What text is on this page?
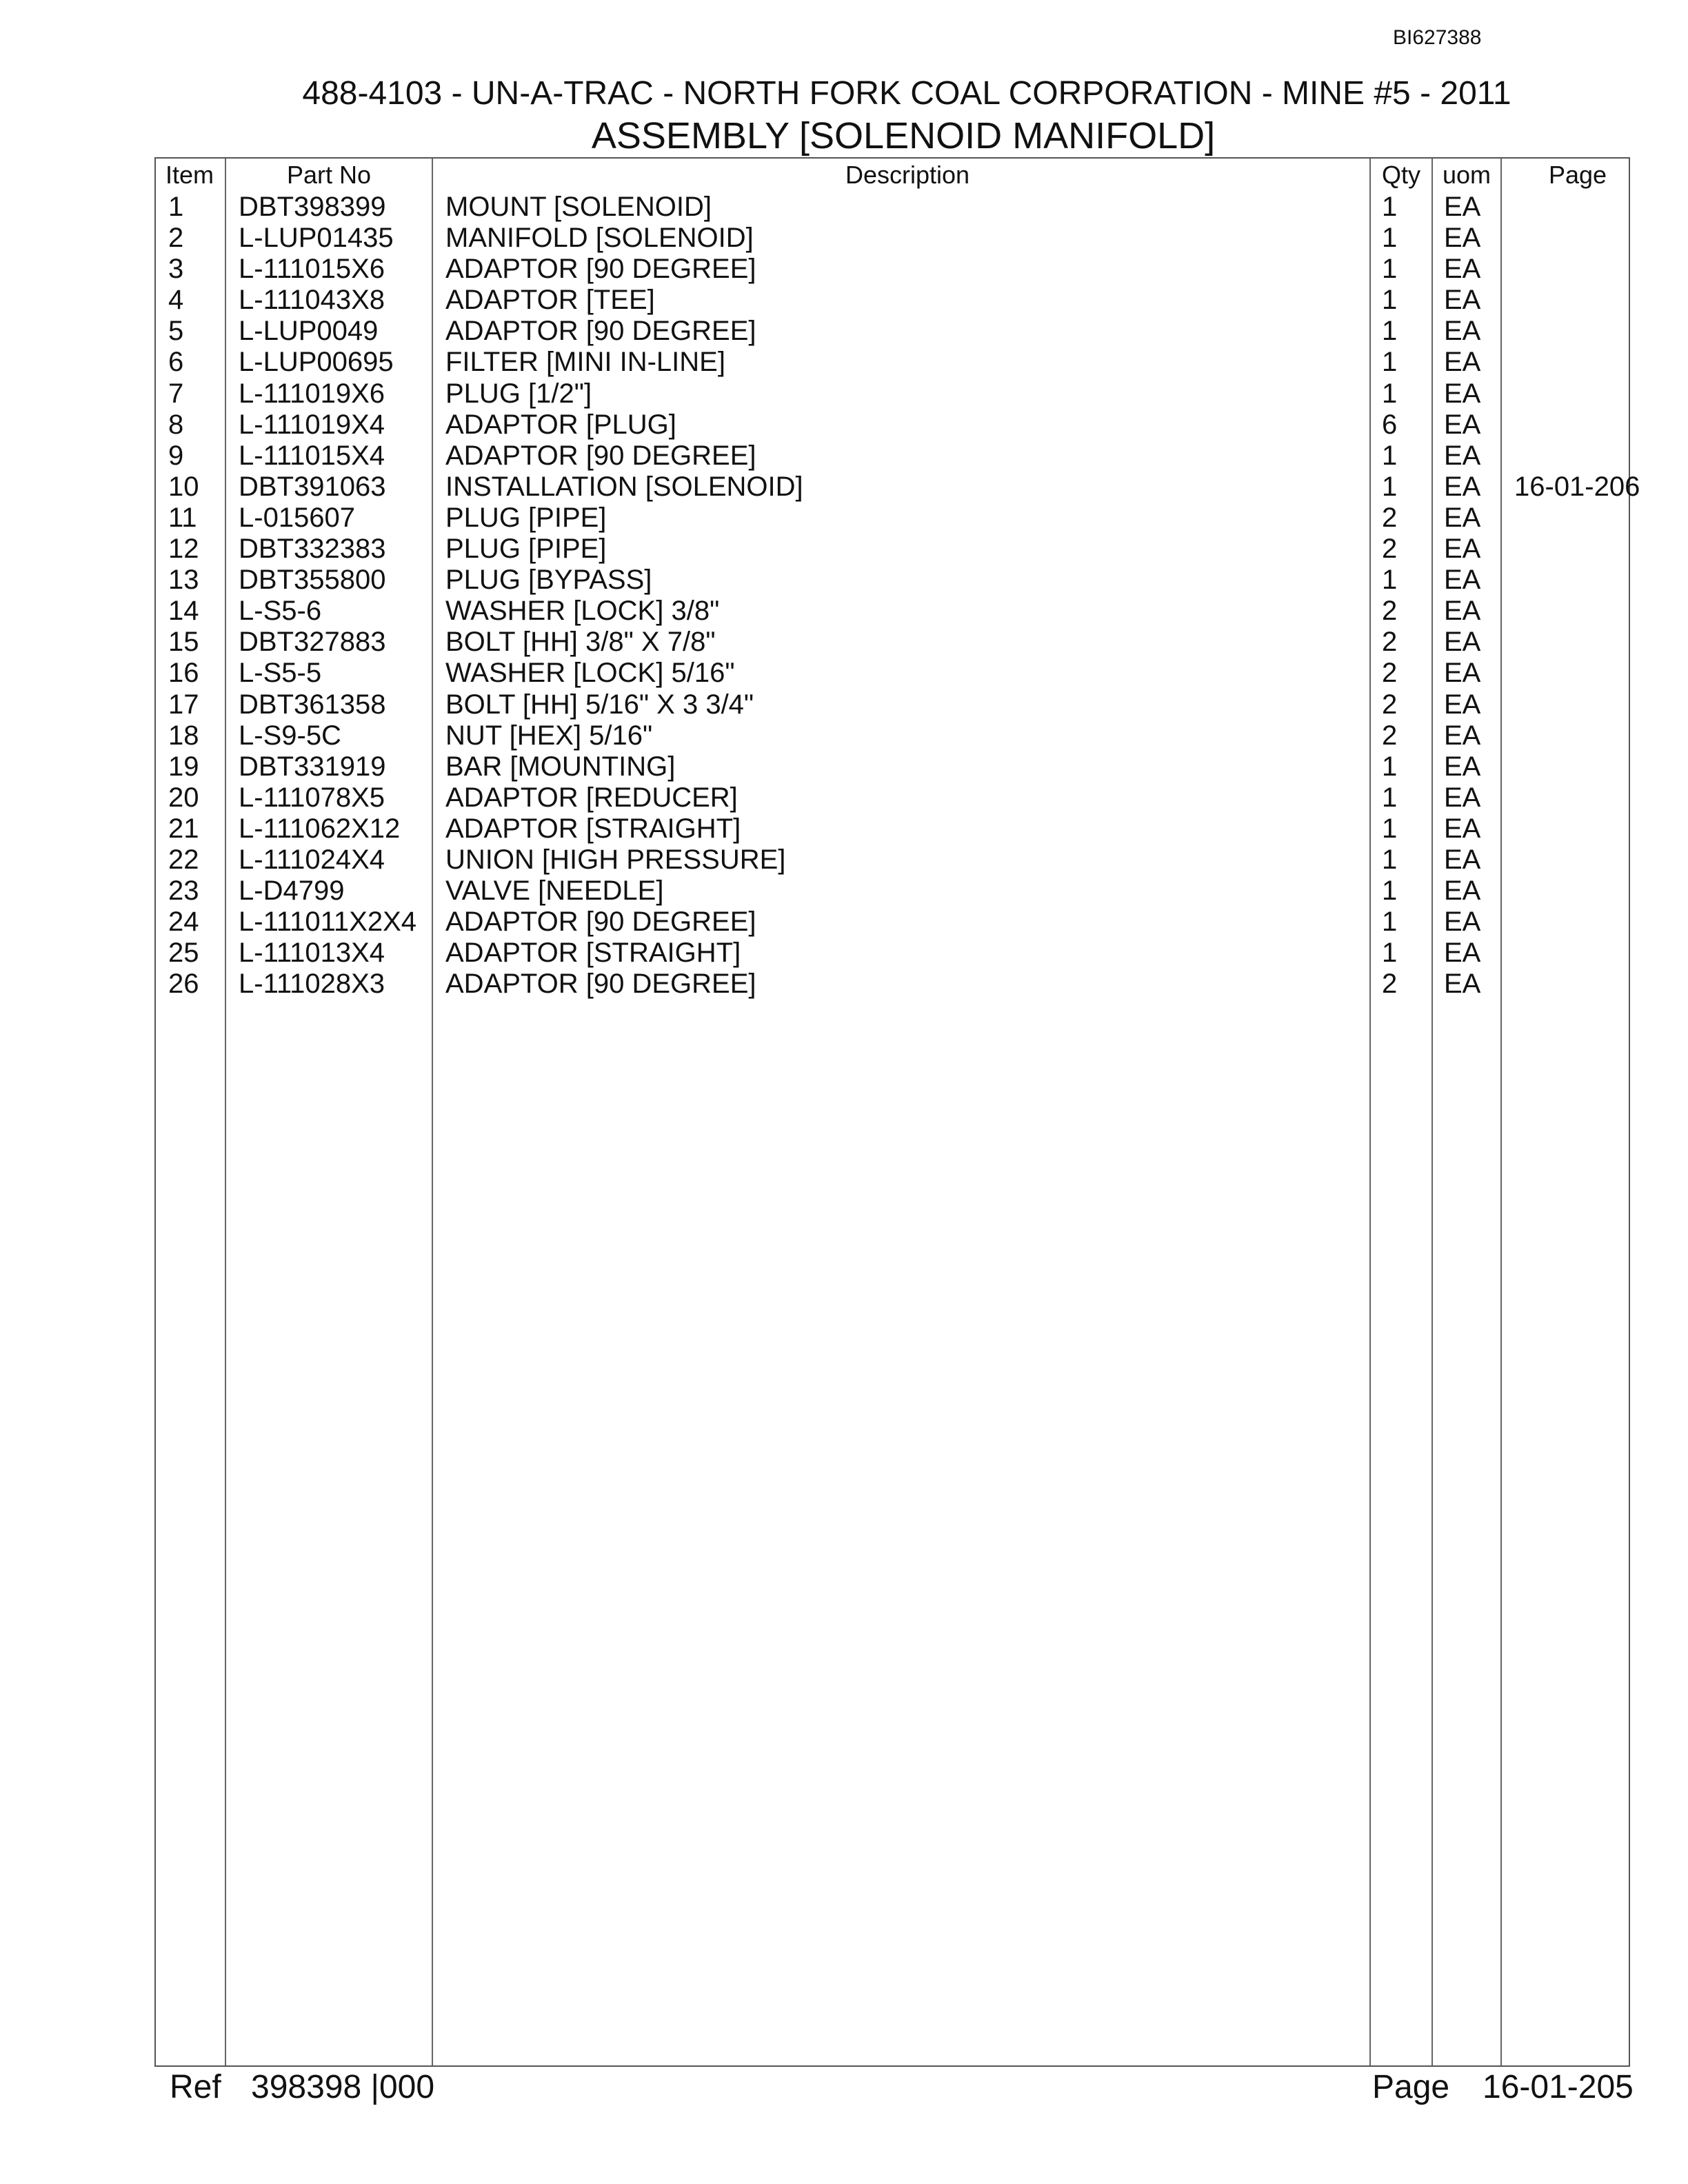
BI627388
488-4103 - UN-A-TRAC - NORTH FORK COAL CORPORATION - MINE #5 - 2011
ASSEMBLY [SOLENOID MANIFOLD]
Item	Part No	Description	Qty uom Page
1 DBT398399 MOUNT [SOLENOID]	1 EA
2 L-LUP01435 MANIFOLD [SOLENOID]	1 EA
3 L-111015X6 ADAPTOR [90 DEGREE]	1 EA
4 L-111043X8 ADAPTOR [TEE]	1 EA
5 L-LUP0049 ADAPTOR [90 DEGREE]	1 EA
6 L-LUP00695 FILTER [MINI IN-LINE]	1 EA
7 L-111019X6 PLUG [1/2"]	1 EA
8 L-111019X4 ADAPTOR [PLUG]	6 EA
9 L-111015X4 ADAPTOR [90 DEGREE]	1 EA
10 DBT391063 INSTALLATION [SOLENOID]	1 EA 16-01-206
11 L-015607	PLUG [PIPE]	2 EA
12 DBT332383 PLUG [PIPE]	2 EA
13 DBT355800 PLUG [BYPASS]	1 EA
14 L-S5-6	WASHER [LOCK] 3/8"	2 EA
15 DBT327883 BOLT [HH] 3/8" X 7/8"	2 EA
16 L-S5-5	WASHER [LOCK] 5/16"	2 EA
17 DBT361358 BOLT [HH] 5/16" X 3 3/4"	2 EA
18 L-S9-5C	NUT [HEX] 5/16"	2 EA
19 DBT331919 BAR [MOUNTING]	1 EA
20 L-111078X5 ADAPTOR [REDUCER]	1 EA
21 L-111062X12 ADAPTOR [STRAIGHT]	1 EA
22 L-111024X4 UNION [HIGH PRESSURE]	1 EA
23 L-D4799	VALVE [NEEDLE]	1 EA
24 L-111011X2X4 ADAPTOR [90 DEGREE]	1 EA
25 L-111013X4 ADAPTOR [STRAIGHT]	1 EA
26 L-111028X3 ADAPTOR [90 DEGREE]	2 EA
Ref 398398 |000	Page 16-01-205
